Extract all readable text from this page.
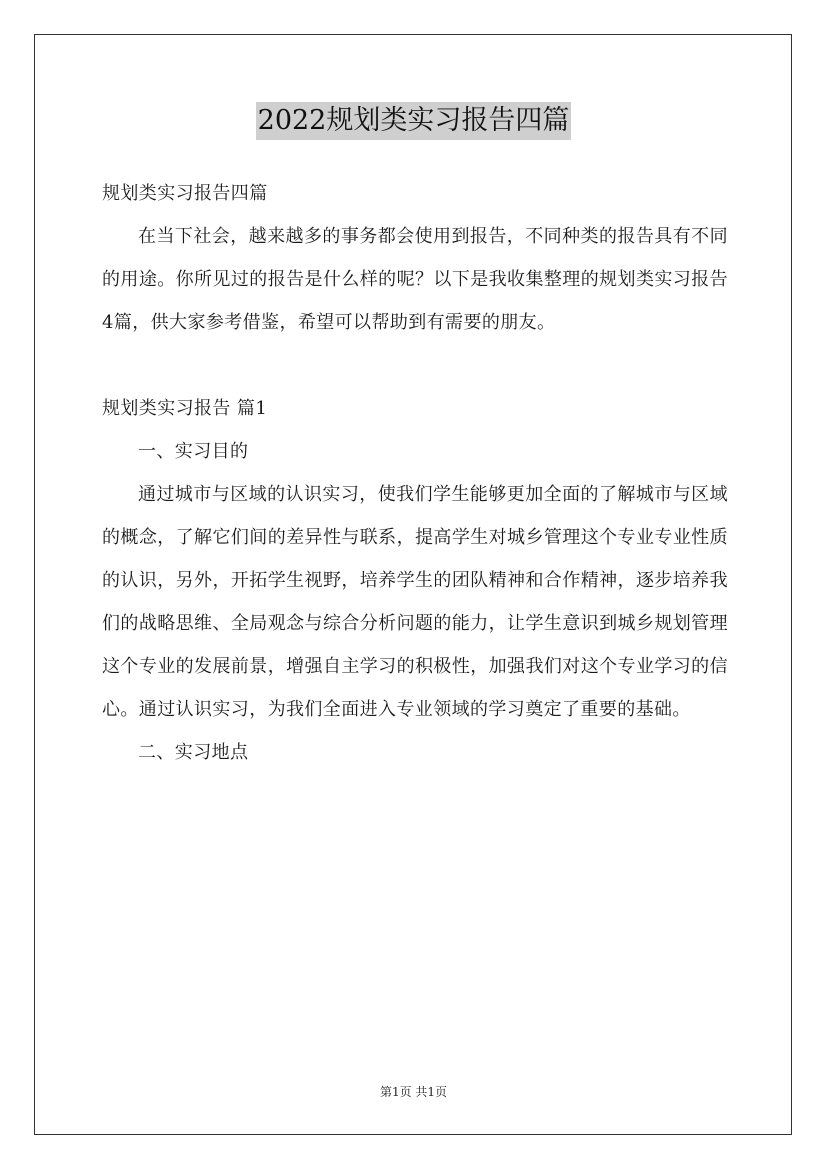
2022规划类实习报告四篇
规划类实习报告四篇

在当下社会，越来越多的事务都会使用到报告，不同种类的报告具有不同的用途。你所见过的报告是什么样的呢？以下是我收集整理的规划类实习报告4篇，供大家参考借鉴，希望可以帮助到有需要的朋友。

规划类实习报告 篇1
一、实习目的

通过城市与区域的认识实习，使我们学生能够更加全面的了解城市与区域的概念，了解它们间的差异性与联系，提高学生对城乡管理这个专业专业性质的认识，另外，开拓学生视野，培养学生的团队精神和合作精神，逐步培养我们的战略思维、全局观念与综合分析问题的能力，让学生意识到城乡规划管理这个专业的发展前景，增强自主学习的积极性，加强我们对这个专业学习的信心。通过认识实习，为我们全面进入专业领域的学习奠定了重要的基础。

二、实习地点
第1页 共1页
